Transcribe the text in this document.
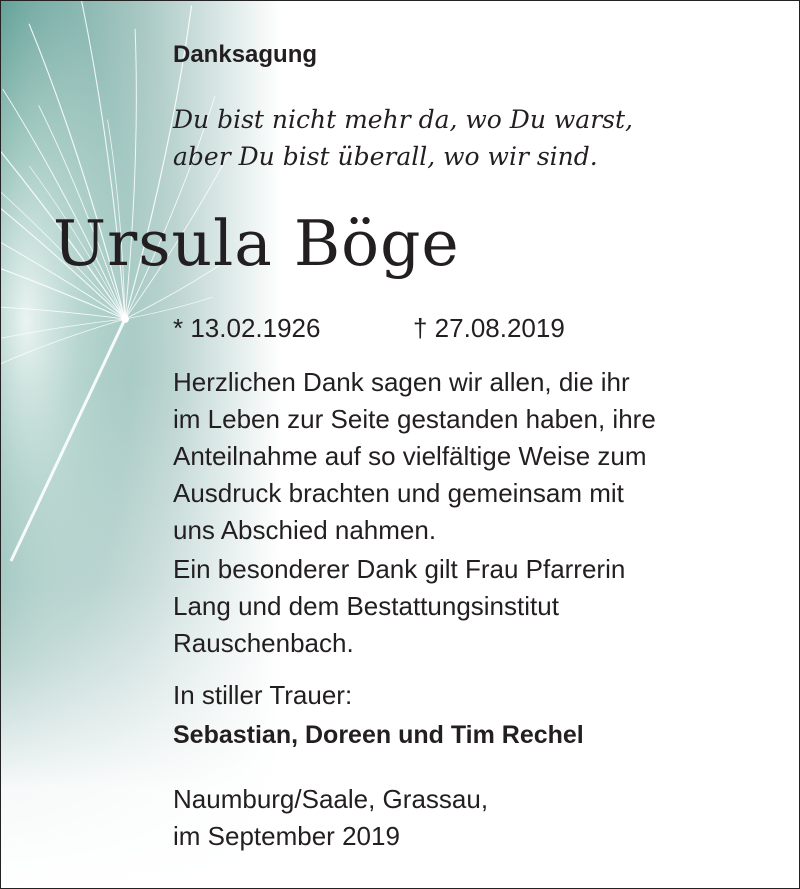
Danksagung
Du bist nicht mehr da, wo Du warst,
aber Du bist überall, wo wir sind.
Ursula Böge
* 13.02.1926	† 27.08.2019
Herzlichen Dank sagen wir allen, die ihr
im Leben zur Seite gestanden haben, ihre
Anteilnahme auf so vielfältige Weise zum
Ausdruck brachten und gemeinsam mit
uns Abschied nahmen.
Ein besonderer Dank gilt Frau Pfarrerin
Lang und dem Bestattungsinstitut
Rauschenbach.
In stiller Trauer:
Sebastian, Doreen und Tim Rechel
Naumburg/Saale, Grassau,
im September 2019
